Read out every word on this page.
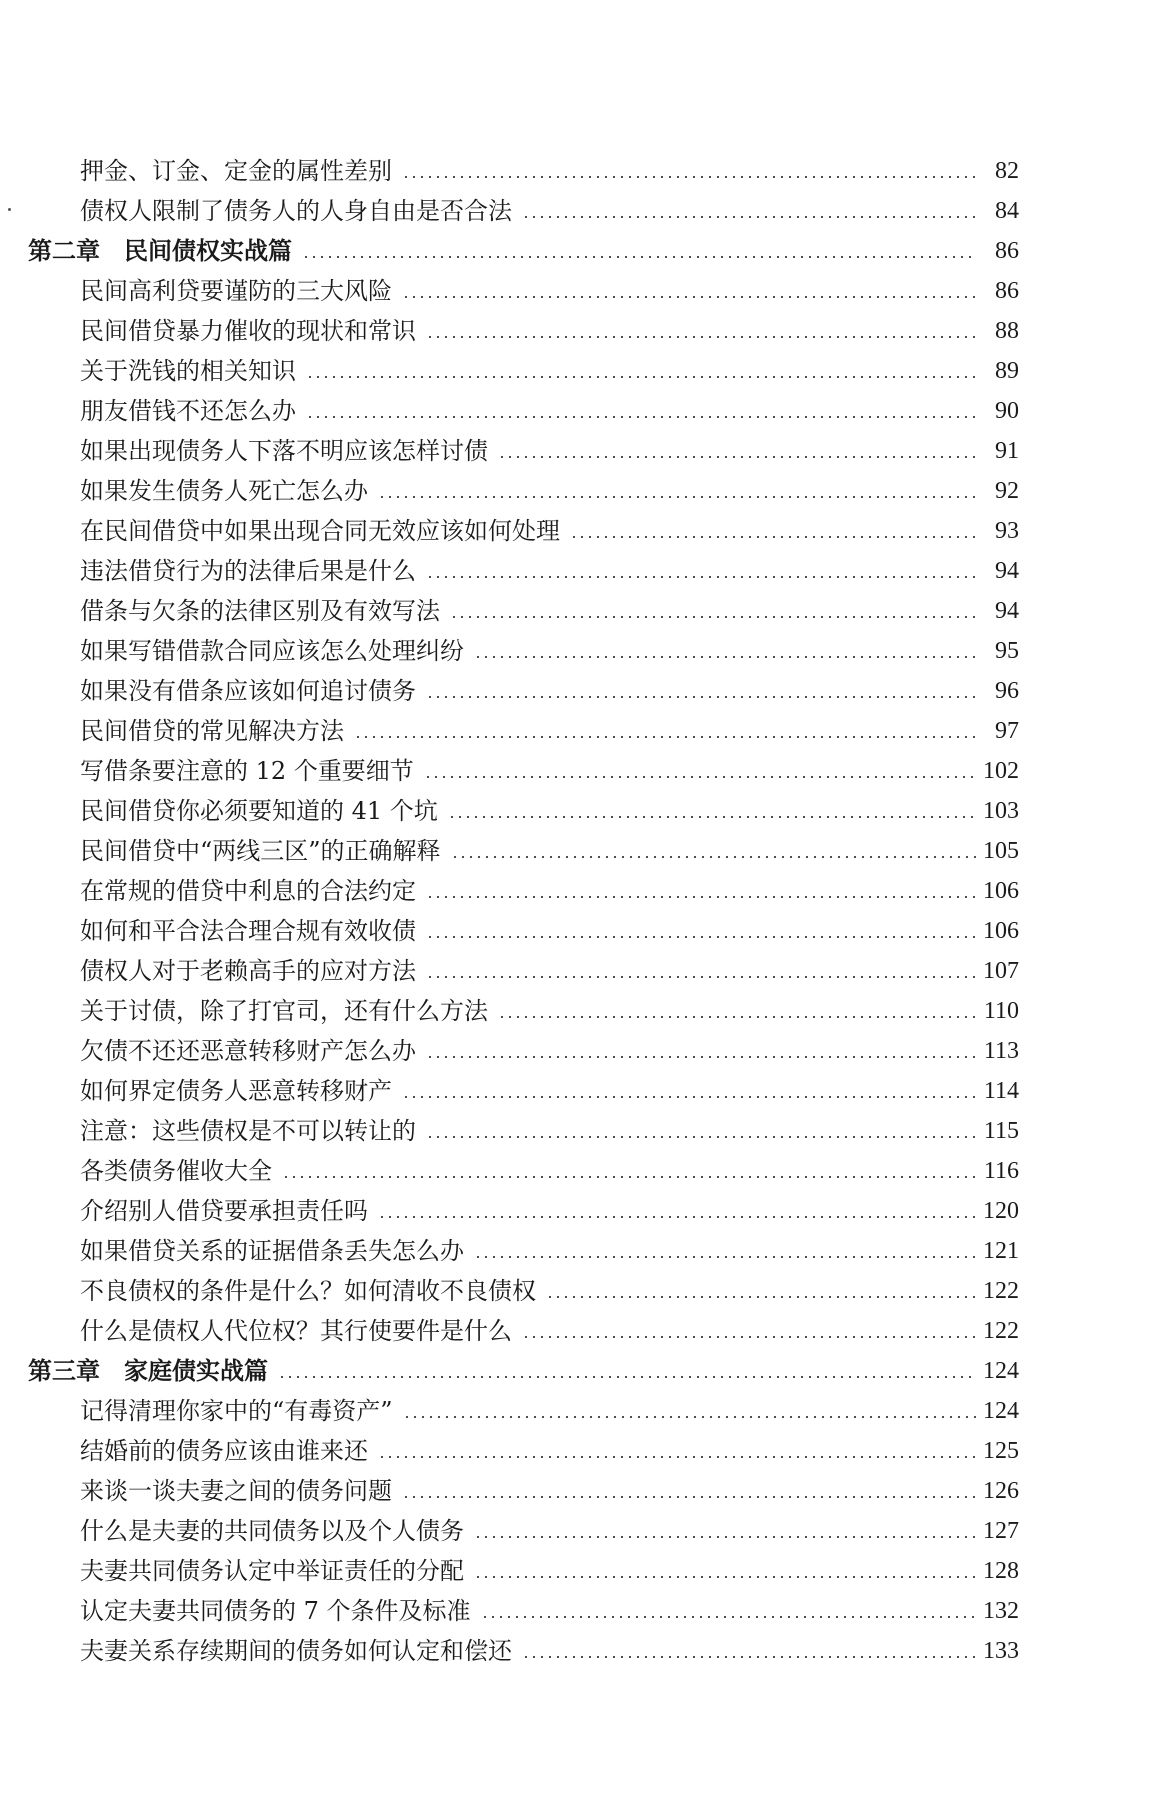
押金、订金、定金的属性差别	82
债权人限制了债务人的人身自由是否合法	84
第二章　民间债权实战篇	86
民间高利贷要谨防的三大风险	86
民间借贷暴力催收的现状和常识	88
关于洗钱的相关知识	89
朋友借钱不还怎么办	90
如果出现债务人下落不明应该怎样讨债	91
如果发生债务人死亡怎么办	92
在民间借贷中如果出现合同无效应该如何处理	93
违法借贷行为的法律后果是什么	94
借条与欠条的法律区别及有效写法	94
如果写错借款合同应该怎么处理纠纷	95
如果没有借条应该如何追讨债务	96
民间借贷的常见解决方法	97
写借条要注意的 12 个重要细节	102
民间借贷你必须要知道的 41 个坑	103
民间借贷中“两线三区”的正确解释	105
在常规的借贷中利息的合法约定	106
如何和平合法合理合规有效收债	106
债权人对于老赖高手的应对方法	107
关于讨债，除了打官司，还有什么方法	110
欠债不还还恶意转移财产怎么办	113
如何界定债务人恶意转移财产	114
注意：这些债权是不可以转让的	115
各类债务催收大全	116
介绍别人借贷要承担责任吗	120
如果借贷关系的证据借条丢失怎么办	121
不良债权的条件是什么？如何清收不良债权	122
什么是债权人代位权？其行使要件是什么	122
第三章　家庭债实战篇	124
记得清理你家中的“有毒资产”	124
结婚前的债务应该由谁来还	125
来谈一谈夫妻之间的债务问题	126
什么是夫妻的共同债务以及个人债务	127
夫妻共同债务认定中举证责任的分配	128
认定夫妻共同债务的 7 个条件及标准	132
夫妻关系存续期间的债务如何认定和偿还	133
